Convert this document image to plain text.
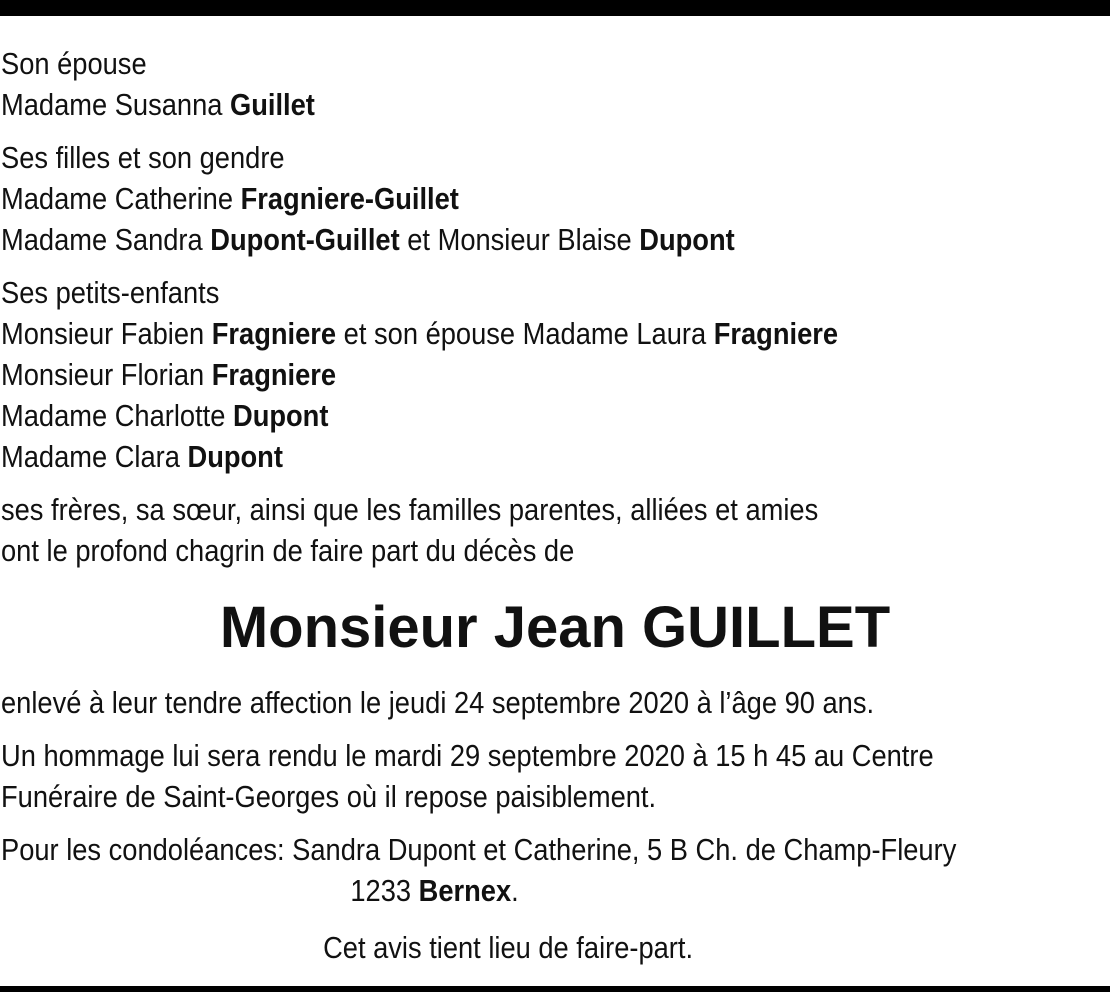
Son épouse

Madame Susanna Guillet

Ses filles et son gendre

Madame Catherine Fragniere-Guillet

Madame Sandra Dupont-Guillet et Monsieur Blaise Dupont

Ses petits-enfants

Monsieur Fabien Fragniere et son épouse Madame Laura Fragniere

Monsieur Florian Fragniere

Madame Charlotte Dupont

Madame Clara Dupont

ses frères, sa sœur, ainsi que les familles parentes, alliées et amies

ont le profond chagrin de faire part du décès de

Monsieur Jean GUILLET

enlevé à leur tendre affection le jeudi 24 septembre 2020 à l’âge 90 ans.

Un hommage lui sera rendu le mardi 29 septembre 2020 à 15 h 45 au Centre

Funéraire de Saint-Georges où il repose paisiblement.

Pour les condoléances: Sandra Dupont et Catherine, 5 B Ch. de Champ-Fleury

1233 Bernex.

Cet avis tient lieu de faire-part.
